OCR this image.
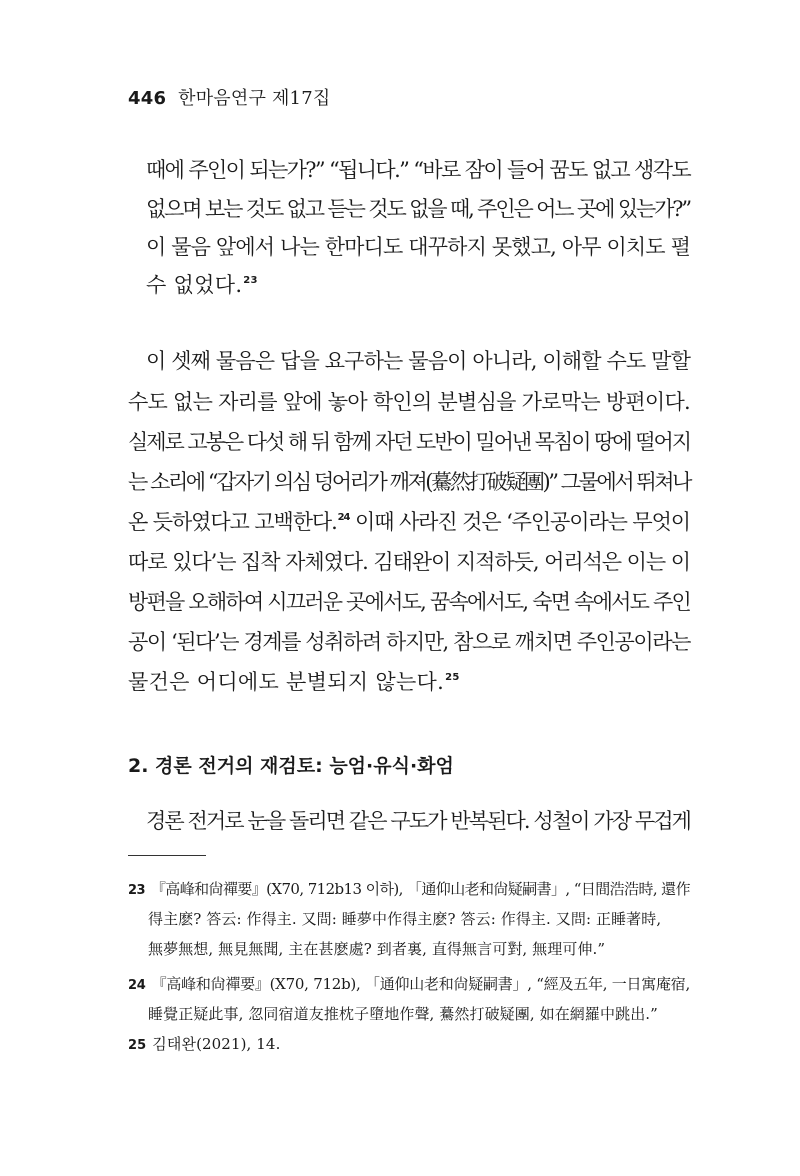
446 한마음연구 제17집
때에 주인이 되는가?” “됩니다.” “바로 잠이 들어 꿈도 없고 생각도
없으며 보는 것도 없고 듣는 것도 없을 때, 주인은 어느 곳에 있는가?”
이 물음 앞에서 나는 한마디도 대꾸하지 못했고, 아무 이치도 펼
수 없었다.$^{23}$
이 셋째 물음은 답을 요구하는 물음이 아니라, 이해할 수도 말할
수도 없는 자리를 앞에 놓아 학인의 분별심을 가로막는 방편이다.
실제로 고봉은 다섯 해 뒤 함께 자던 도반이 밀어낸 목침이 땅에 떨어지
는 소리에 “갑자기 의심 덩어리가 깨져(驀然打破疑團)” 그물에서 뛰쳐나
온 듯하였다고 고백한다.$^{24}$ 이때 사라진 것은 ‘주인공이라는 무엇이
따로 있다’는 집착 자체였다. 김태완이 지적하듯, 어리석은 이는 이
방편을 오해하여 시끄러운 곳에서도, 꿈속에서도, 숙면 속에서도 주인
공이 ‘된다’는 경계를 성취하려 하지만, 참으로 깨치면 주인공이라는
물건은 어디에도 분별되지 않는다.$^{25}$
2. 경론 전거의 재검토: 능엄·유식·화엄
경론 전거로 눈을 돌리면 같은 구도가 반복된다. 성철이 가장 무겁게
23 『高峰和尙禪要』(X70, 712b13 이하), 「通仰山老和尙疑嗣書」, “日間浩浩時, 還作
得主麽? 答云: 作得主. 又問: 睡夢中作得主麽? 答云: 作得主. 又問: 正睡著時,
無夢無想, 無見無聞, 主在甚麽處? 到者裏, 直得無言可對, 無理可伸.”
24 『高峰和尙禪要』(X70, 712b), 「通仰山老和尙疑嗣書」, “經及五年, 一日寓庵宿,
睡覺正疑此事, 忽同宿道友推枕子墮地作聲, 驀然打破疑團, 如在網羅中跳出.”
25 김태완(2021), 14.
